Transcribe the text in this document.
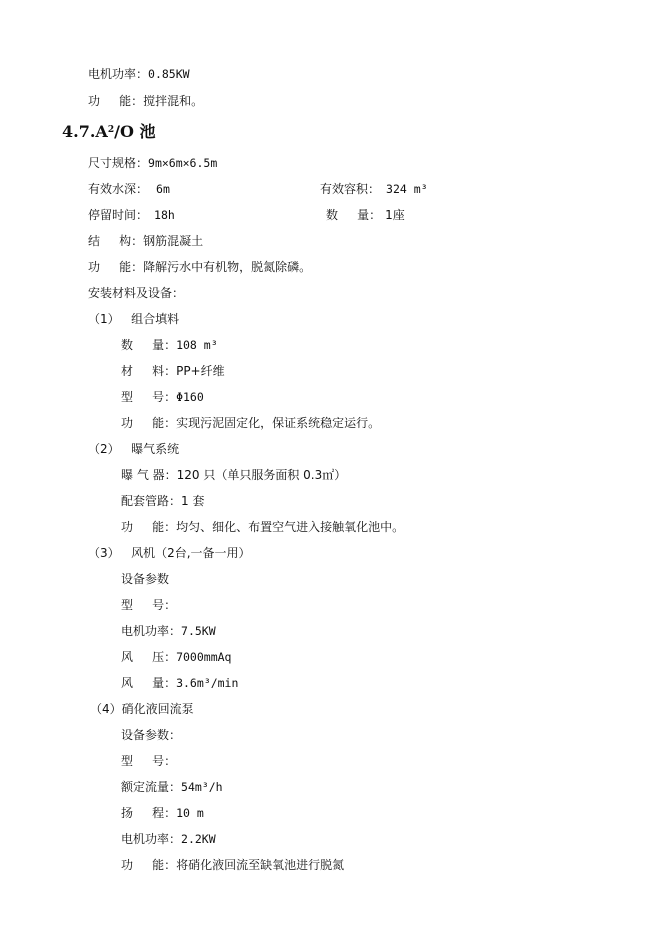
电机功率：0.85KW
功     能：搅拌混和。
$4.7.A^2/O$ 池
尺寸规格：9m×6m×6.5m
有效水深： 6m	有效容积： 324 m³
停留时间： 18h	数     量： 1座
结     构：钢筋混凝土
功     能：降解污水中有机物，脱氮除磷。
安装材料及设备：
（1）   组合填料
数     量：108 m³
材     料：PP+纤维
型     号：Φ160
功     能：实现污泥固定化，保证系统稳定运行。
（2）   曝气系统
曝 气 器：120 只（单只服务面积 0.3㎡）
配套管路：1 套
功     能：均匀、细化、布置空气进入接触氧化池中。
（3）   风机（2台,一备一用）
设备参数
型     号：
电机功率：7.5KW
风     压：7000mmAq
风     量：3.6m³/min
（4）硝化液回流泵
设备参数：
型     号：
额定流量：54m³/h
扬     程：10 m
电机功率：2.2KW
功     能：将硝化液回流至缺氧池进行脱氮
